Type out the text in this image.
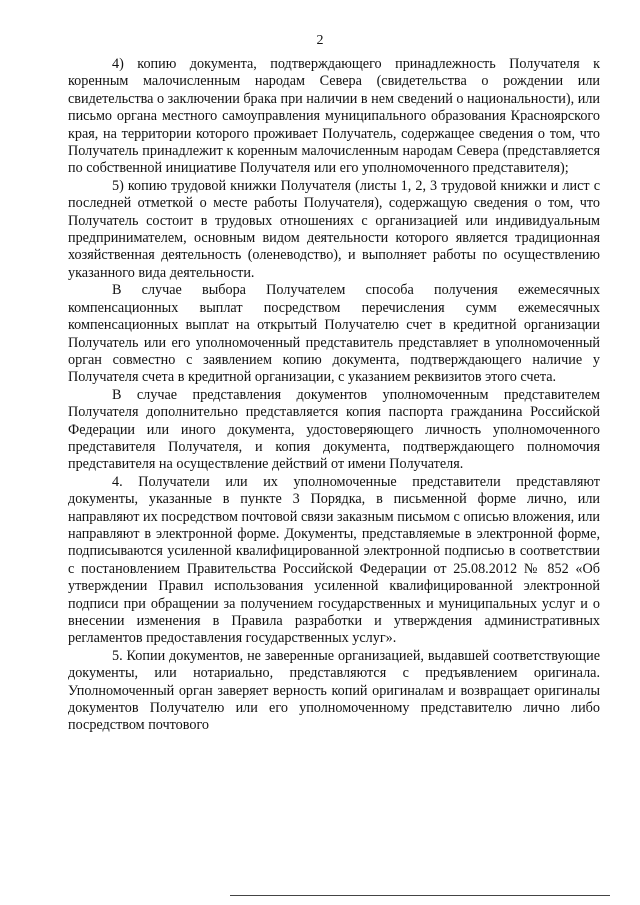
2

4) копию документа, подтверждающего принадлежность Получателя к коренным малочисленным народам Севера (свидетельства о рождении или свидетельства о заключении брака при наличии в нем сведений о национальности), или письмо органа местного самоуправления муниципального образования Красноярского края, на территории которого проживает Получатель, содержащее сведения о том, что Получатель принадлежит к коренным малочисленным народам Севера (представляется по собственной инициативе Получателя или его уполномоченного представителя);

5) копию трудовой книжки Получателя (листы 1, 2, 3 трудовой книжки и лист с последней отметкой о месте работы Получателя), содержащую сведения о том, что Получатель состоит в трудовых отношениях с организацией или индивидуальным предпринимателем, основным видом деятельности которого является традиционная хозяйственная деятельность (оленеводство), и выполняет работы по осуществлению указанного вида деятельности.

В случае выбора Получателем способа получения ежемесячных компенсационных выплат посредством перечисления сумм ежемесячных компенсационных выплат на открытый Получателю счет в кредитной организации Получатель или его уполномоченный представитель представляет в уполномоченный орган совместно с заявлением копию документа, подтверждающего наличие у Получателя счета в кредитной организации, с указанием реквизитов этого счета.

В случае представления документов уполномоченным представителем Получателя дополнительно представляется копия паспорта гражданина Российской Федерации или иного документа, удостоверяющего личность уполномоченного представителя Получателя, и копия документа, подтверждающего полномочия представителя на осуществление действий от имени Получателя.

4. Получатели или их уполномоченные представители представляют документы, указанные в пункте 3 Порядка, в письменной форме лично, или направляют их посредством почтовой связи заказным письмом с описью вложения, или направляют в электронной форме. Документы, представляемые в электронной форме, подписываются усиленной квалифицированной электронной подписью в соответствии с постановлением Правительства Российской Федерации от 25.08.2012 № 852 «Об утверждении Правил использования усиленной квалифицированной электронной подписи при обращении за получением государственных и муниципальных услуг и о внесении изменения в Правила разработки и утверждения административных регламентов предоставления государственных услуг».

5. Копии документов, не заверенные организацией, выдавшей соответствующие документы, или нотариально, представляются с предъявлением оригинала. Уполномоченный орган заверяет верность копий оригиналам и возвращает оригиналы документов Получателю или его уполномоченному представителю лично либо посредством почтового
